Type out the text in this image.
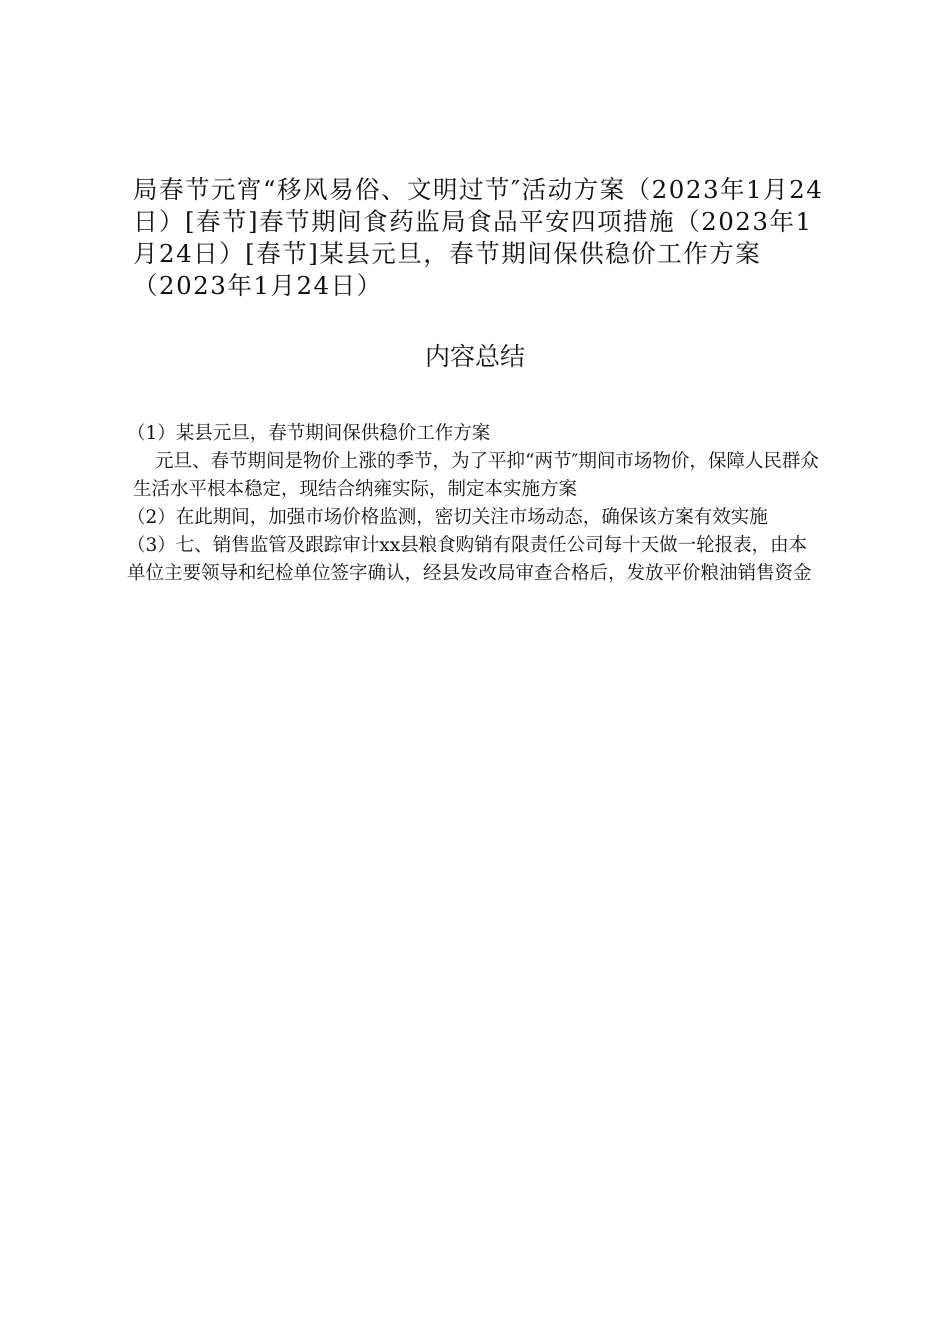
局春节元宵“移风易俗、文明过节″活动方案（2023年1月24日）[春节]春节期间食药监局食品平安四项措施（2023年1月24日）[春节]某县元旦，春节期间保供稳价工作方案（2023年1月24日）

内容总结

（1）某县元旦，春节期间保供稳价工作方案

元旦、春节期间是物价上涨的季节，为了平抑“两节″期间市场物价，保障人民群众生活水平根本稳定，现结合纳雍实际，制定本实施方案

（2）在此期间，加强市场价格监测，密切关注市场动态，确保该方案有效实施

（3）七、销售监管及跟踪审计xx县粮食购销有限责任公司每十天做一轮报表，由本单位主要领导和纪检单位签字确认，经县发改局审查合格后，发放平价粮油销售资金
